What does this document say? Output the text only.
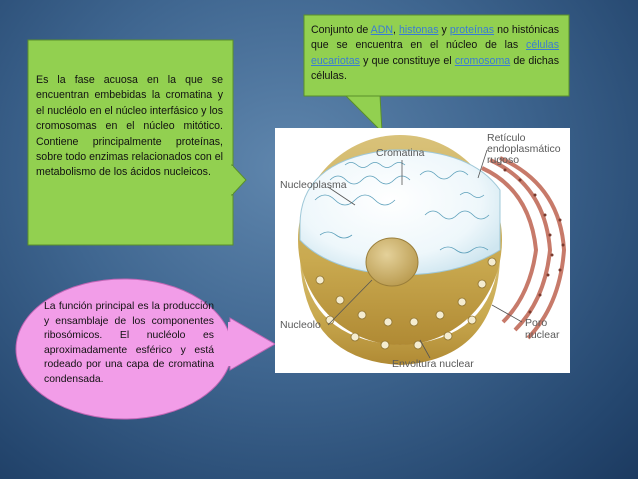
Es la fase acuosa en la que se encuentran embebidas la cromatina y el nucléolo en el núcleo interfásico y los cromosomas en el núcleo mitótico. Contiene principalmente proteínas, sobre todo enzimas relacionados con el metabolismo de los ácidos nucleicos.

Conjunto de ADN, histonas y proteínas no histónicas que se encuentra en el núcleo de las células eucariotas y que constituye el cromosoma de dichas células.

La función principal es la producción y ensamblaje de los componentes ribosómicos. El nucléolo es aproximadamente esférico y está rodeado por una capa de cromatina condensada.

Cromatina
Retículo
endoplasmático
rugoso
Nucleoplasma
Nucleolo	Poro
nuclear
Envoltura nuclear
